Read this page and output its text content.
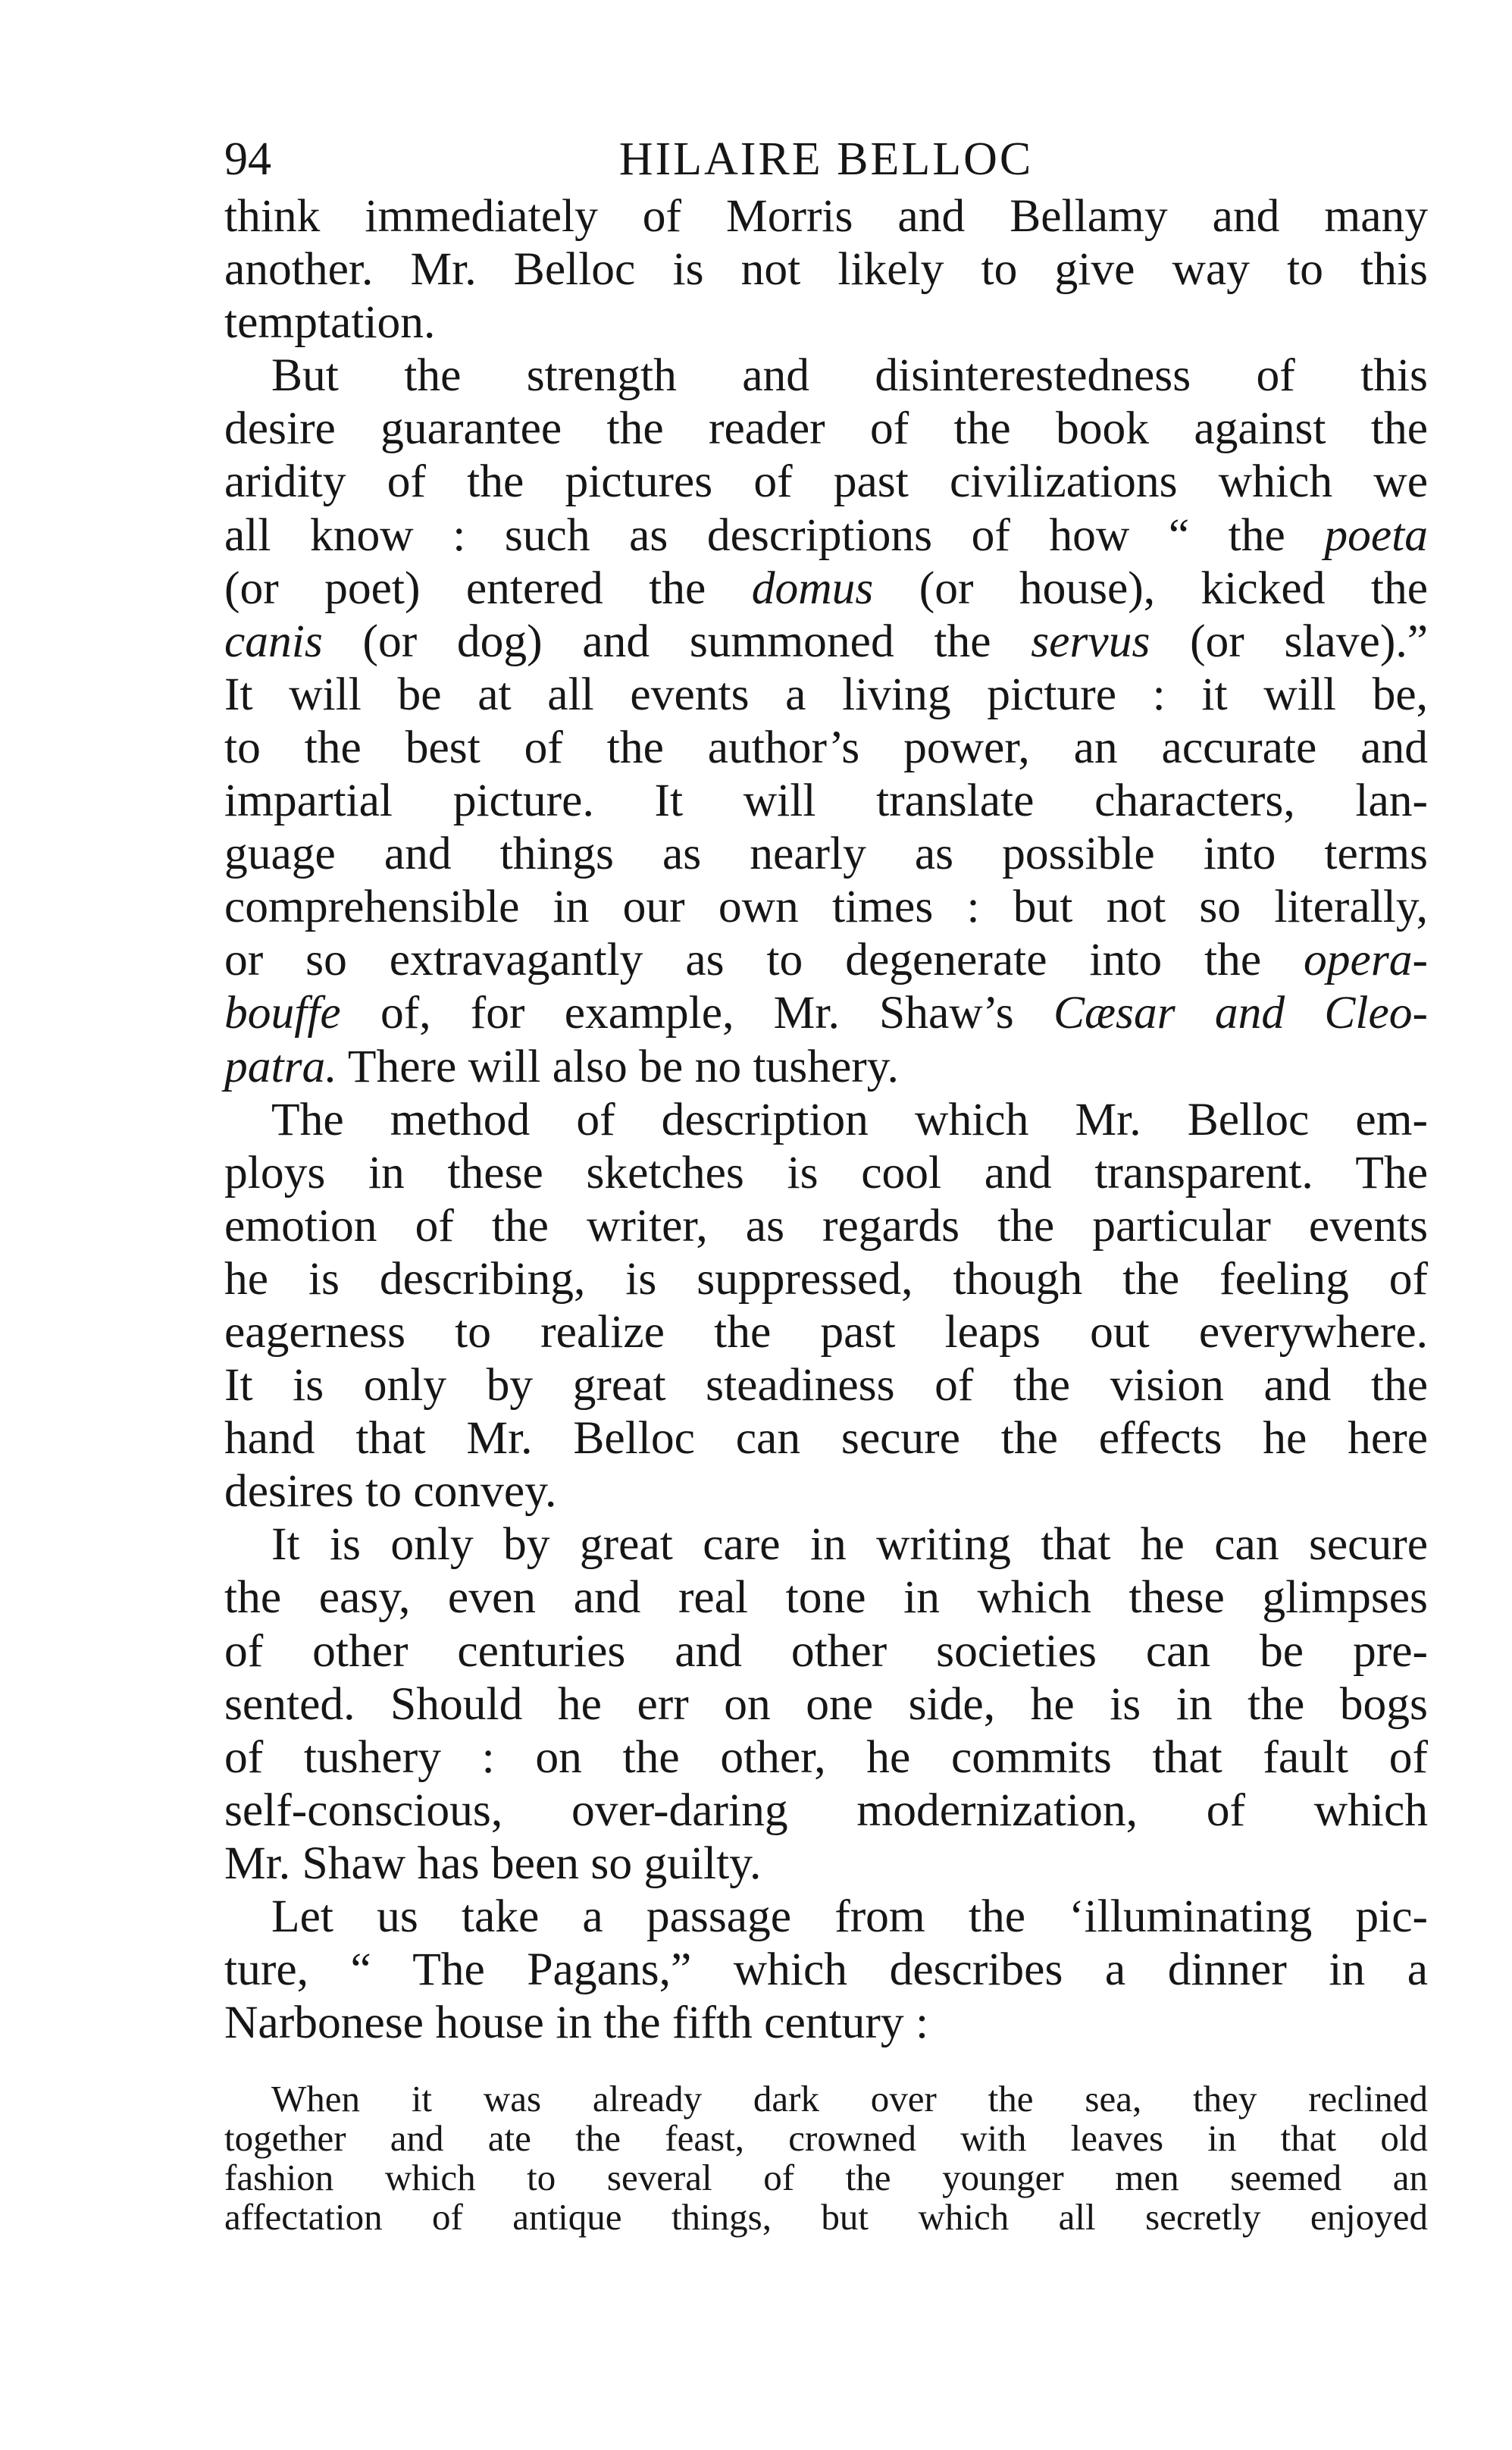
94	HILAIRE BELLOC
think immediately of Morris and Bellamy and many
another. Mr. Belloc is not likely to give way to this
temptation.
But the strength and disinterestedness of this
desire guarantee the reader of the book against the
aridity of the pictures of past civilizations which we
all know : such as descriptions of how “ the poeta
(or poet) entered the domus (or house), kicked the
canis (or dog) and summoned the servus (or slave).”
It will be at all events a living picture : it will be,
to the best of the author’s power, an accurate and
impartial picture. It will translate characters, lan-
guage and things as nearly as possible into terms
comprehensible in our own times : but not so literally,
or so extravagantly as to degenerate into the opera-
bouffe of, for example, Mr. Shaw’s Cæsar and Cleo-
patra. There will also be no tushery.
The method of description which Mr. Belloc em-
ploys in these sketches is cool and transparent. The
emotion of the writer, as regards the particular events
he is describing, is suppressed, though the feeling of
eagerness to realize the past leaps out everywhere.
It is only by great steadiness of the vision and the
hand that Mr. Belloc can secure the effects he here
desires to convey.
It is only by great care in writing that he can secure
the easy, even and real tone in which these glimpses
of other centuries and other societies can be pre-
sented. Should he err on one side, he is in the bogs
of tushery : on the other, he commits that fault of
self-conscious, over-daring modernization, of which
Mr. Shaw has been so guilty.
Let us take a passage from the ‘illuminating pic-
ture, “ The Pagans,” which describes a dinner in a
Narbonese house in the fifth century :
When it was already dark over the sea, they reclined
together and ate the feast, crowned with leaves in that old
fashion which to several of the younger men seemed an
affectation of antique things, but which all secretly enjoyed
